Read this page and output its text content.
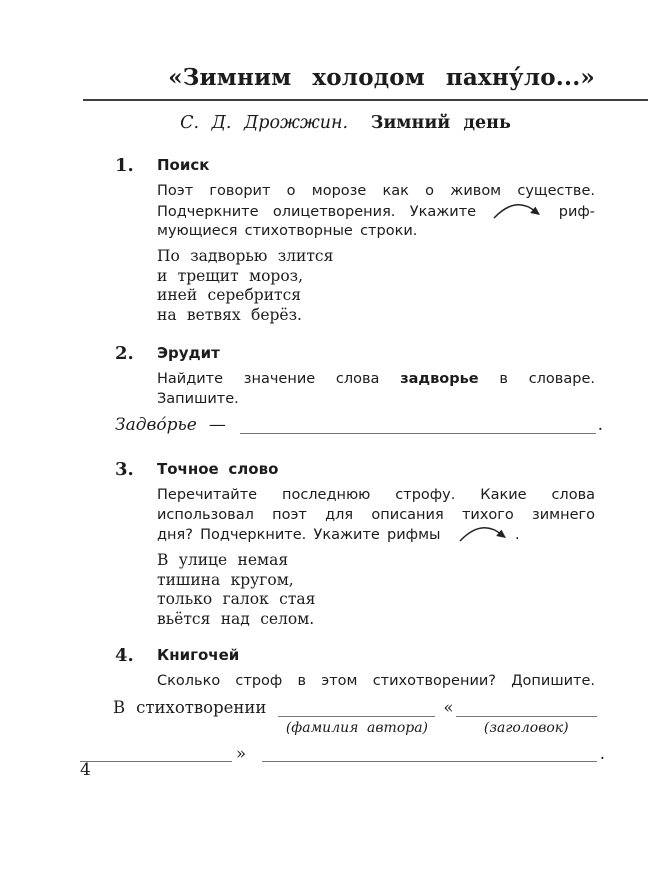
«Зимним холодом пахну́ло...»
С. Д. Дрожжин. Зимний день
1.	Поиск
Поэт говорит о морозе как о живом существе.
Подчеркните олицетворения. Укажите	риф-
мующиеся стихотворные строки.
По задворью злится
и трещит мороз,
иней серебрится
на ветвях берёз.
2.	Эрудит
Найдите значение слова задворье в словаре.
Запишите.
Задво́рье —	.
3.	Точное слово
Перечитайте последнюю строфу. Какие слова
использовал поэт для описания тихого зимнего
дня? Подчеркните. Укажите рифмы	.
В улице немая
тишина кругом,
только галок стая
вьётся над селом.
4.	Книгочей
Сколько строф в этом стихотворении? Допишите.
В стихотворении
(фамилия автора)
«
(заголовок)
»	.
4
